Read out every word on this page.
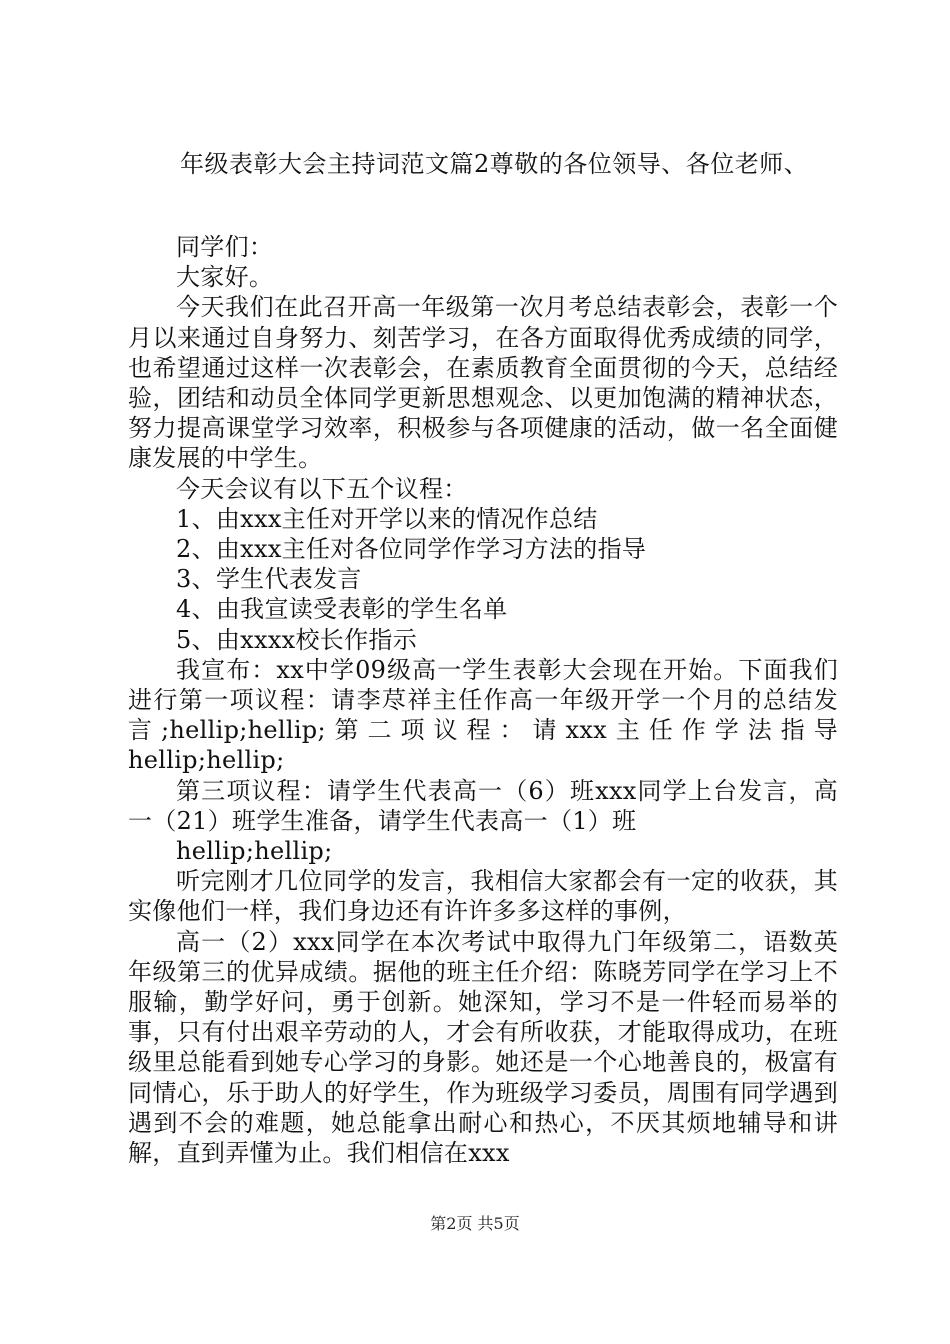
年级表彰大会主持词范文篇2尊敬的各位领导、各位老师、

同学们：

大家好。

今天我们在此召开高一年级第一次月考总结表彰会，表彰一个月以来通过自身努力、刻苦学习，在各方面取得优秀成绩的同学，也希望通过这样一次表彰会，在素质教育全面贯彻的今天，总结经验，团结和动员全体同学更新思想观念、以更加饱满的精神状态，努力提高课堂学习效率，积极参与各项健康的活动，做一名全面健康发展的中学生。

今天会议有以下五个议程：

1、由xxx主任对开学以来的情况作总结

2、由xxx主任对各位同学作学习方法的指导

3、学生代表发言

4、由我宣读受表彰的学生名单

5、由xxxx校长作指示

我宣布：xx中学09级高一学生表彰大会现在开始。下面我们进行第一项议程：请李荩祥主任作高一年级开学一个月的总结发言;hellip;hellip;第二项议程：请xxx主任作学法指导hellip;hellip;

第三项议程：请学生代表高一（6）班xxx同学上台发言，高一（21）班学生准备，请学生代表高一（1）班

hellip;hellip;

听完刚才几位同学的发言，我相信大家都会有一定的收获，其实像他们一样，我们身边还有许许多多这样的事例，

高一（2）xxx同学在本次考试中取得九门年级第二，语数英年级第三的优异成绩。据他的班主任介绍：陈晓芳同学在学习上不服输，勤学好问，勇于创新。她深知，学习不是一件轻而易举的事，只有付出艰辛劳动的人，才会有所收获，才能取得成功，在班级里总能看到她专心学习的身影。她还是一个心地善良的，极富有同情心，乐于助人的好学生，作为班级学习委员，周围有同学遇到遇到不会的难题，她总能拿出耐心和热心，不厌其烦地辅导和讲解，直到弄懂为止。我们相信在xxx

第2页 共5页
